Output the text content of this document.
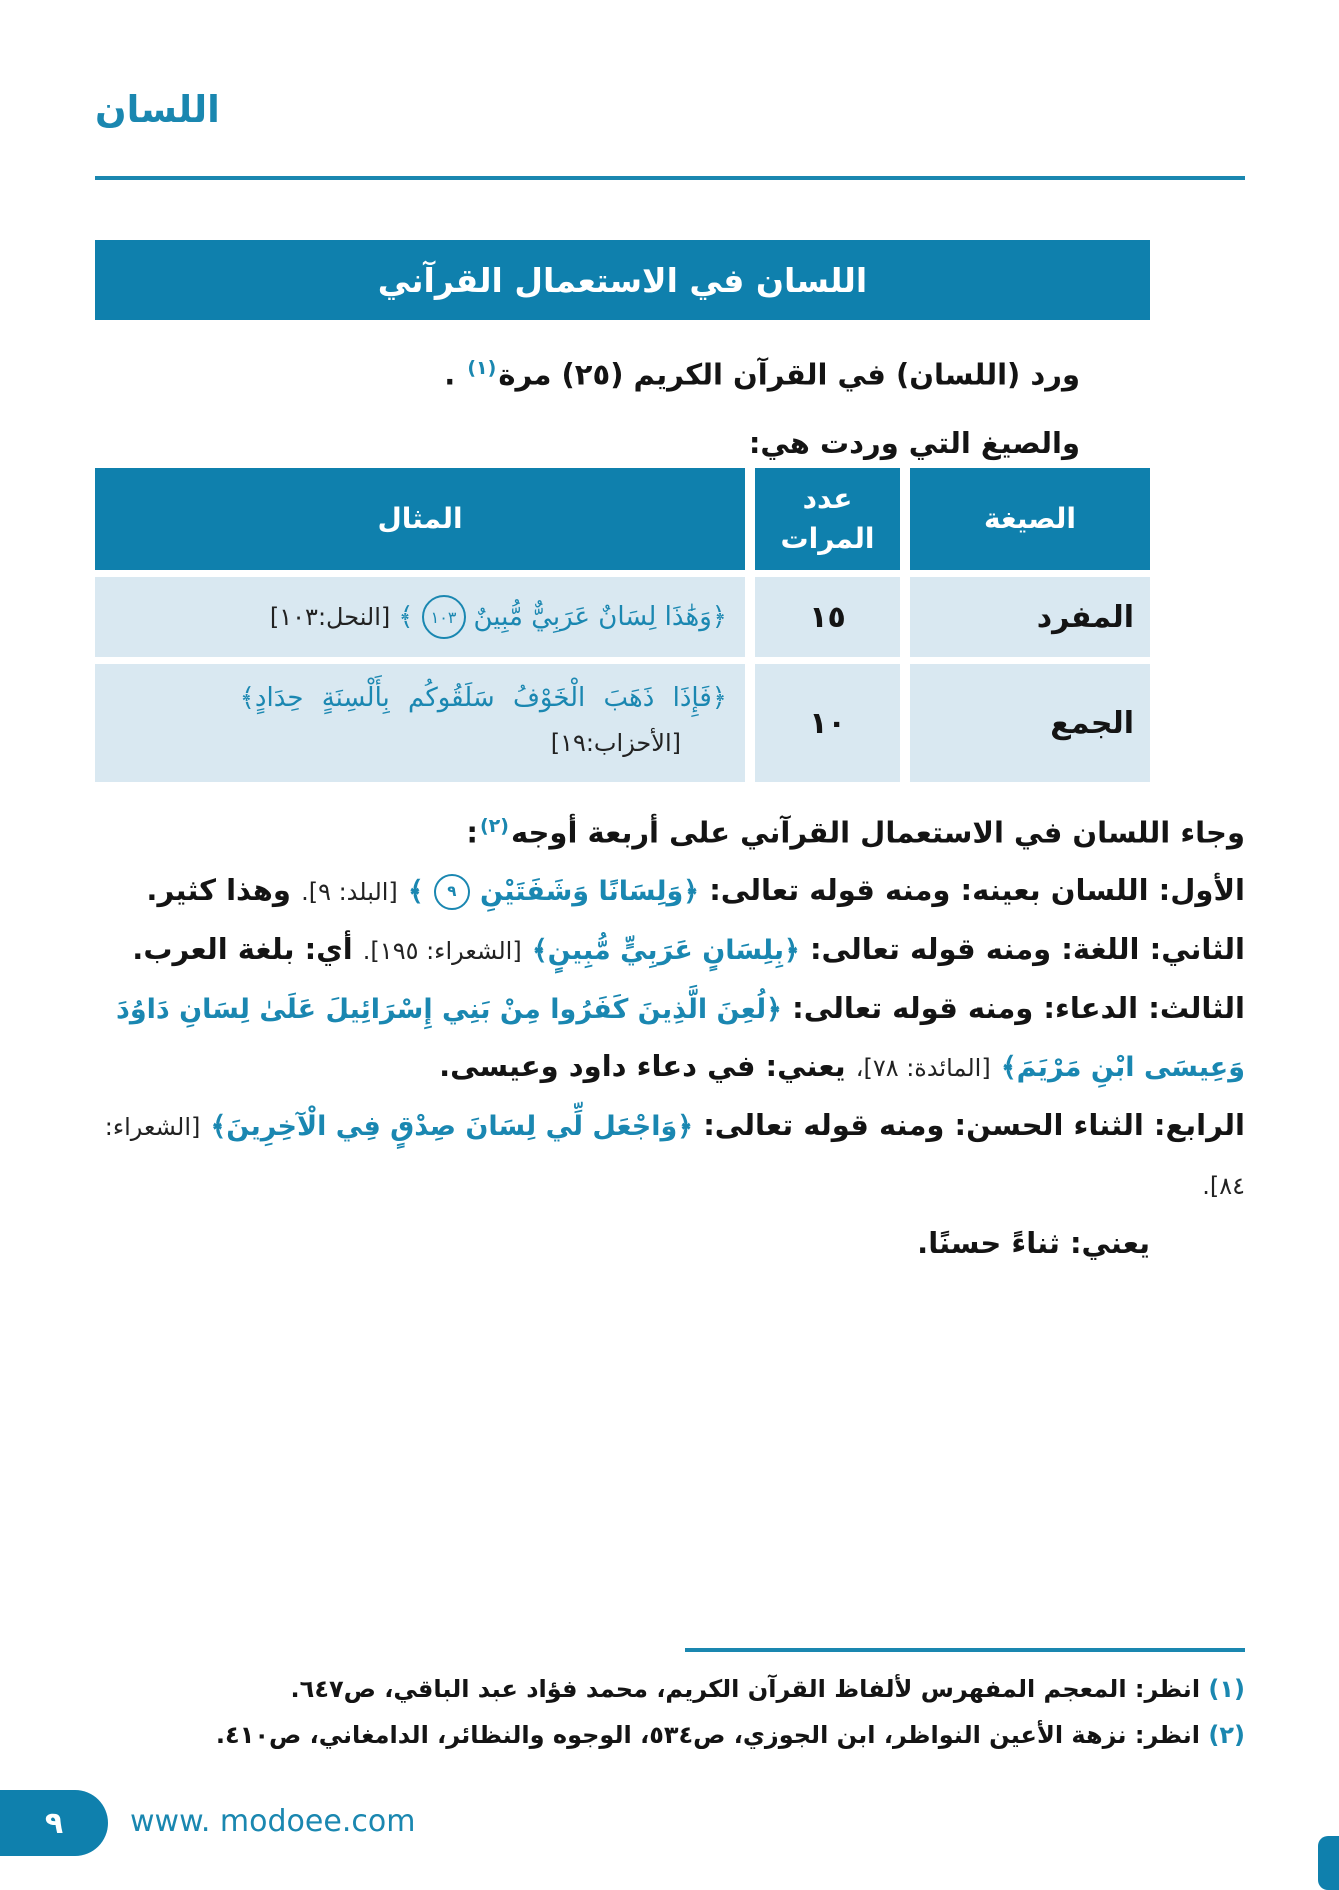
اللسان
اللسان في الاستعمال القرآني
ورد (اللسان) في القرآن الكريم (٢٥) مرة$^{(١)}$ .
والصيغ التي وردت هي:
الصيغة
عدد المرات
المثال
المفرد
١٥
﴿وَهَٰذَا لِسَانٌ عَرَبِيٌّ مُّبِينٌ
١٠٣
﴾
[النحل:١٠٣]
الجمع
١٠
﴿فَإِذَا ذَهَبَ الْخَوْفُ سَلَقُوكُم بِأَلْسِنَةٍ حِدَادٍ﴾
[الأحزاب:١٩]

وجاء اللسان في الاستعمال القرآني على أربعة أوجه$^{(٢)}$:

الأول: اللسان بعينه: ومنه قوله تعالى: ﴿وَلِسَانًا وَشَفَتَيْنِ ٩ ﴾ [البلد: ٩]. وهذا كثير.

الثاني: اللغة: ومنه قوله تعالى: ﴿بِلِسَانٍ عَرَبِيٍّ مُّبِينٍ﴾ [الشعراء: ١٩٥]. أي: بلغة العرب.

الثالث: الدعاء: ومنه قوله تعالى: ﴿لُعِنَ الَّذِينَ كَفَرُوا مِنْ بَنِي إِسْرَائِيلَ عَلَىٰ لِسَانِ دَاوُدَ وَعِيسَى ابْنِ مَرْيَمَ﴾ [المائدة: ٧٨]، يعني: في دعاء داود وعيسى.

الرابع: الثناء الحسن: ومنه قوله تعالى: ﴿وَاجْعَل لِّي لِسَانَ صِدْقٍ فِي الْآخِرِينَ﴾ [الشعراء: ٨٤].

يعني: ثناءً حسنًا.

(١) انظر: المعجم المفهرس لألفاظ القرآن الكريم، محمد فؤاد عبد الباقي، ص٦٤٧.
(٢) انظر: نزهة الأعين النواظر، ابن الجوزي، ص٥٣٤، الوجوه والنظائر، الدامغاني، ص٤١٠.
٩ www. modoee.com
